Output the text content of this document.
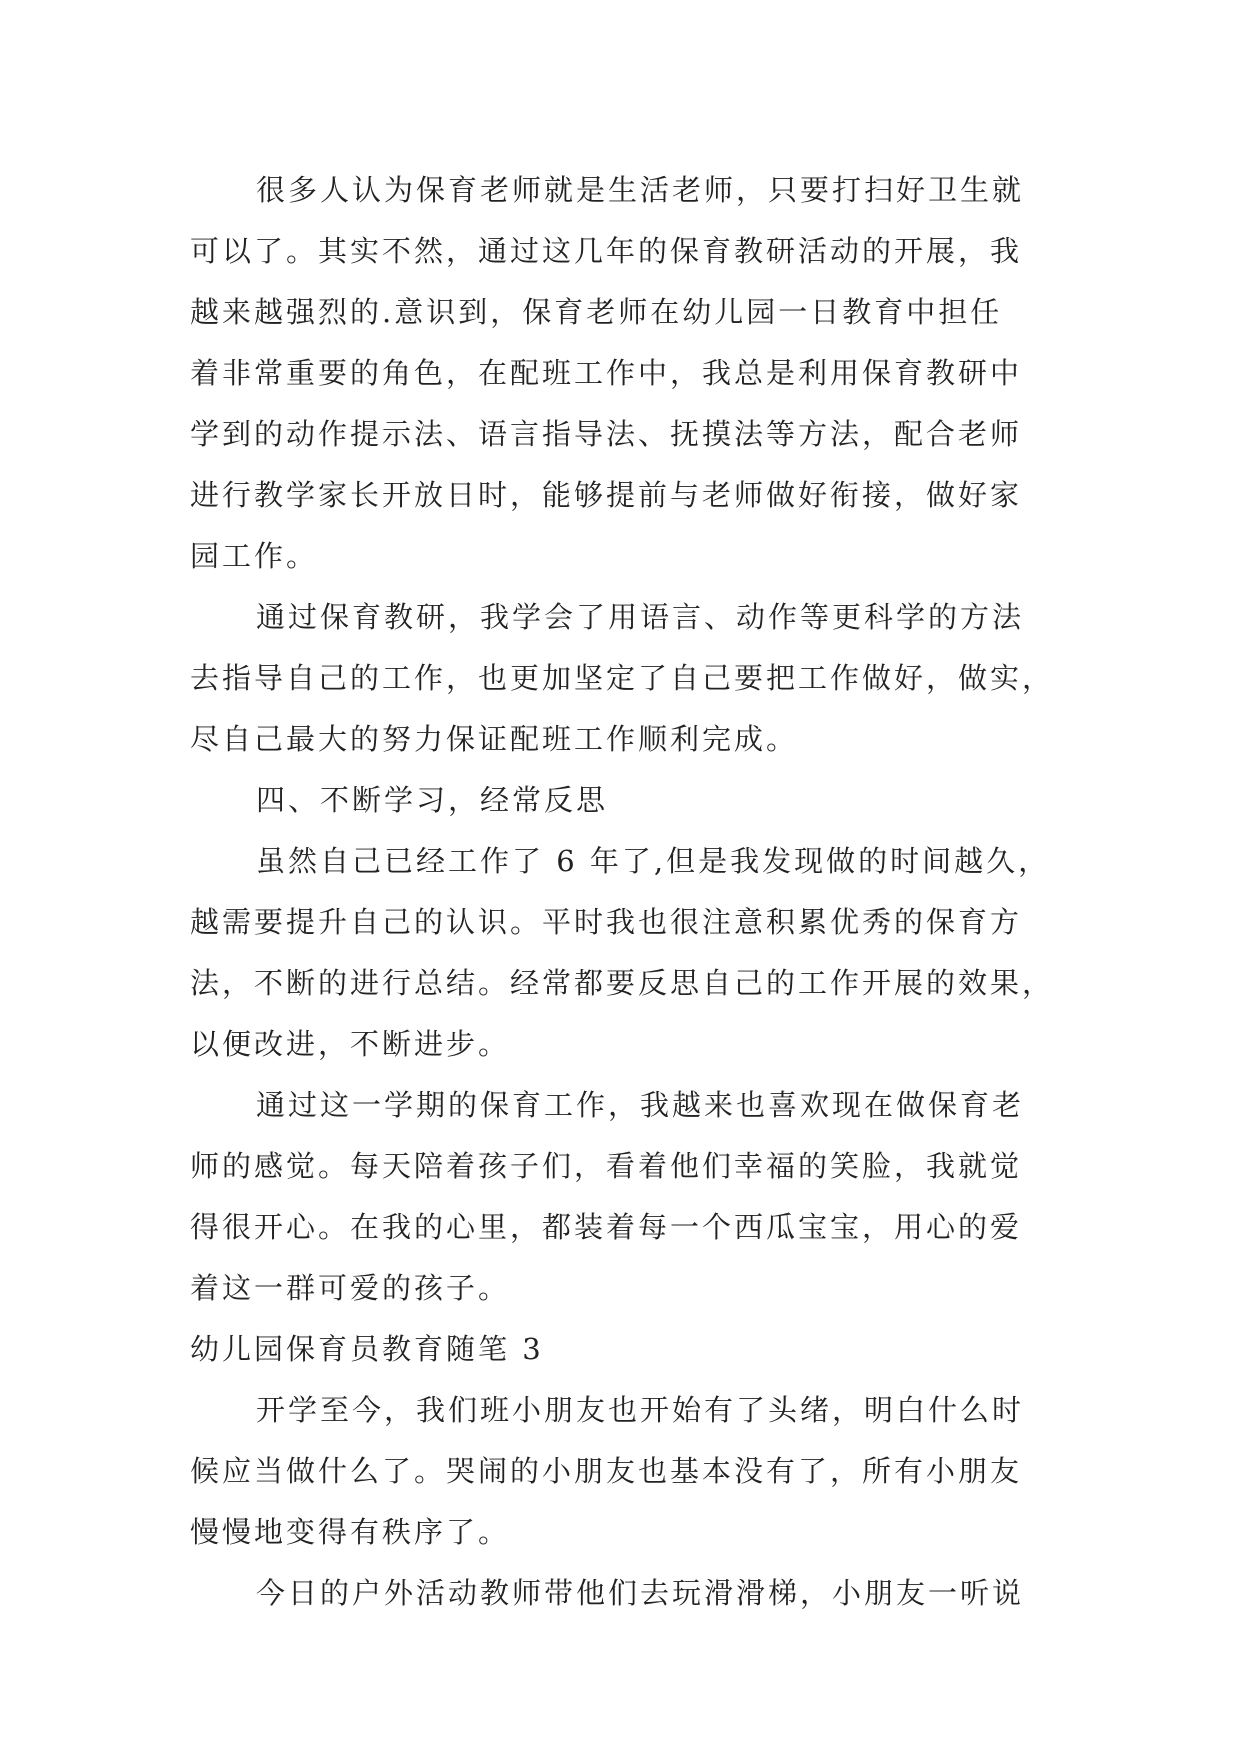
很多人认为保育老师就是生活老师，只要打扫好卫生就
可以了。其实不然，通过这几年的保育教研活动的开展，我
越来越强烈的.意识到，保育老师在幼儿园一日教育中担任
着非常重要的角色，在配班工作中，我总是利用保育教研中
学到的动作提示法、语言指导法、抚摸法等方法，配合老师
进行教学家长开放日时，能够提前与老师做好衔接，做好家
园工作。
通过保育教研，我学会了用语言、动作等更科学的方法
去指导自己的工作，也更加坚定了自己要把工作做好，做实，
尽自己最大的努力保证配班工作顺利完成。
四、不断学习，经常反思
虽然自己已经工作了 6 年了,但是我发现做的时间越久，
越需要提升自己的认识。平时我也很注意积累优秀的保育方
法，不断的进行总结。经常都要反思自己的工作开展的效果，
以便改进，不断进步。
通过这一学期的保育工作，我越来也喜欢现在做保育老
师的感觉。每天陪着孩子们，看着他们幸福的笑脸，我就觉
得很开心。在我的心里，都装着每一个西瓜宝宝，用心的爱
着这一群可爱的孩子。
幼儿园保育员教育随笔 3
开学至今，我们班小朋友也开始有了头绪，明白什么时
候应当做什么了。哭闹的小朋友也基本没有了，所有小朋友
慢慢地变得有秩序了。
今日的户外活动教师带他们去玩滑滑梯，小朋友一听说
